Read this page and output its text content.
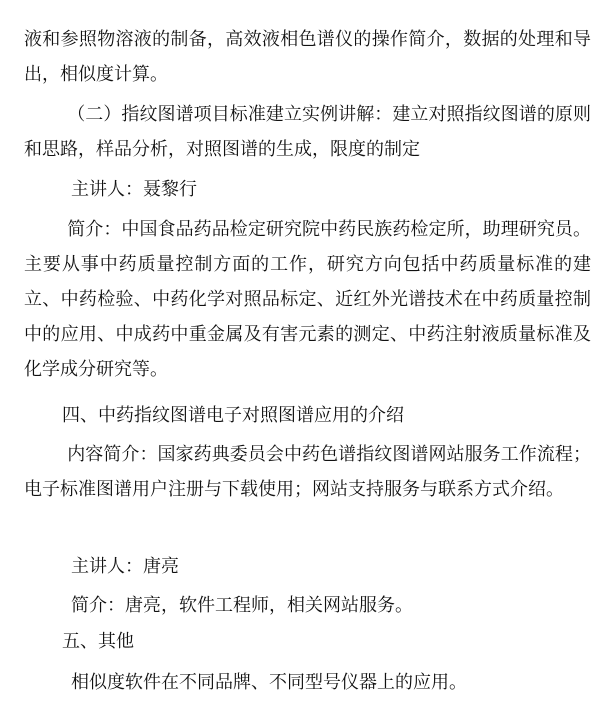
液和参照物溶液的制备，高效液相色谱仪的操作简介，数据的处理和导出，相似度计算。

（二）指纹图谱项目标准建立实例讲解：建立对照指纹图谱的原则和思路，样品分析，对照图谱的生成，限度的制定

主讲人：聂黎行

简介：中国食品药品检定研究院中药民族药检定所，助理研究员。主要从事中药质量控制方面的工作，研究方向包括中药质量标准的建立、中药检验、中药化学对照品标定、近红外光谱技术在中药质量控制中的应用、中成药中重金属及有害元素的测定、中药注射液质量标准及化学成分研究等。

四、中药指纹图谱电子对照图谱应用的介绍

内容简介：国家药典委员会中药色谱指纹图谱网站服务工作流程；电子标准图谱用户注册与下载使用；网站支持服务与联系方式介绍。

主讲人：唐亮

简介：唐亮，软件工程师，相关网站服务。

五、其他

相似度软件在不同品牌、不同型号仪器上的应用。
